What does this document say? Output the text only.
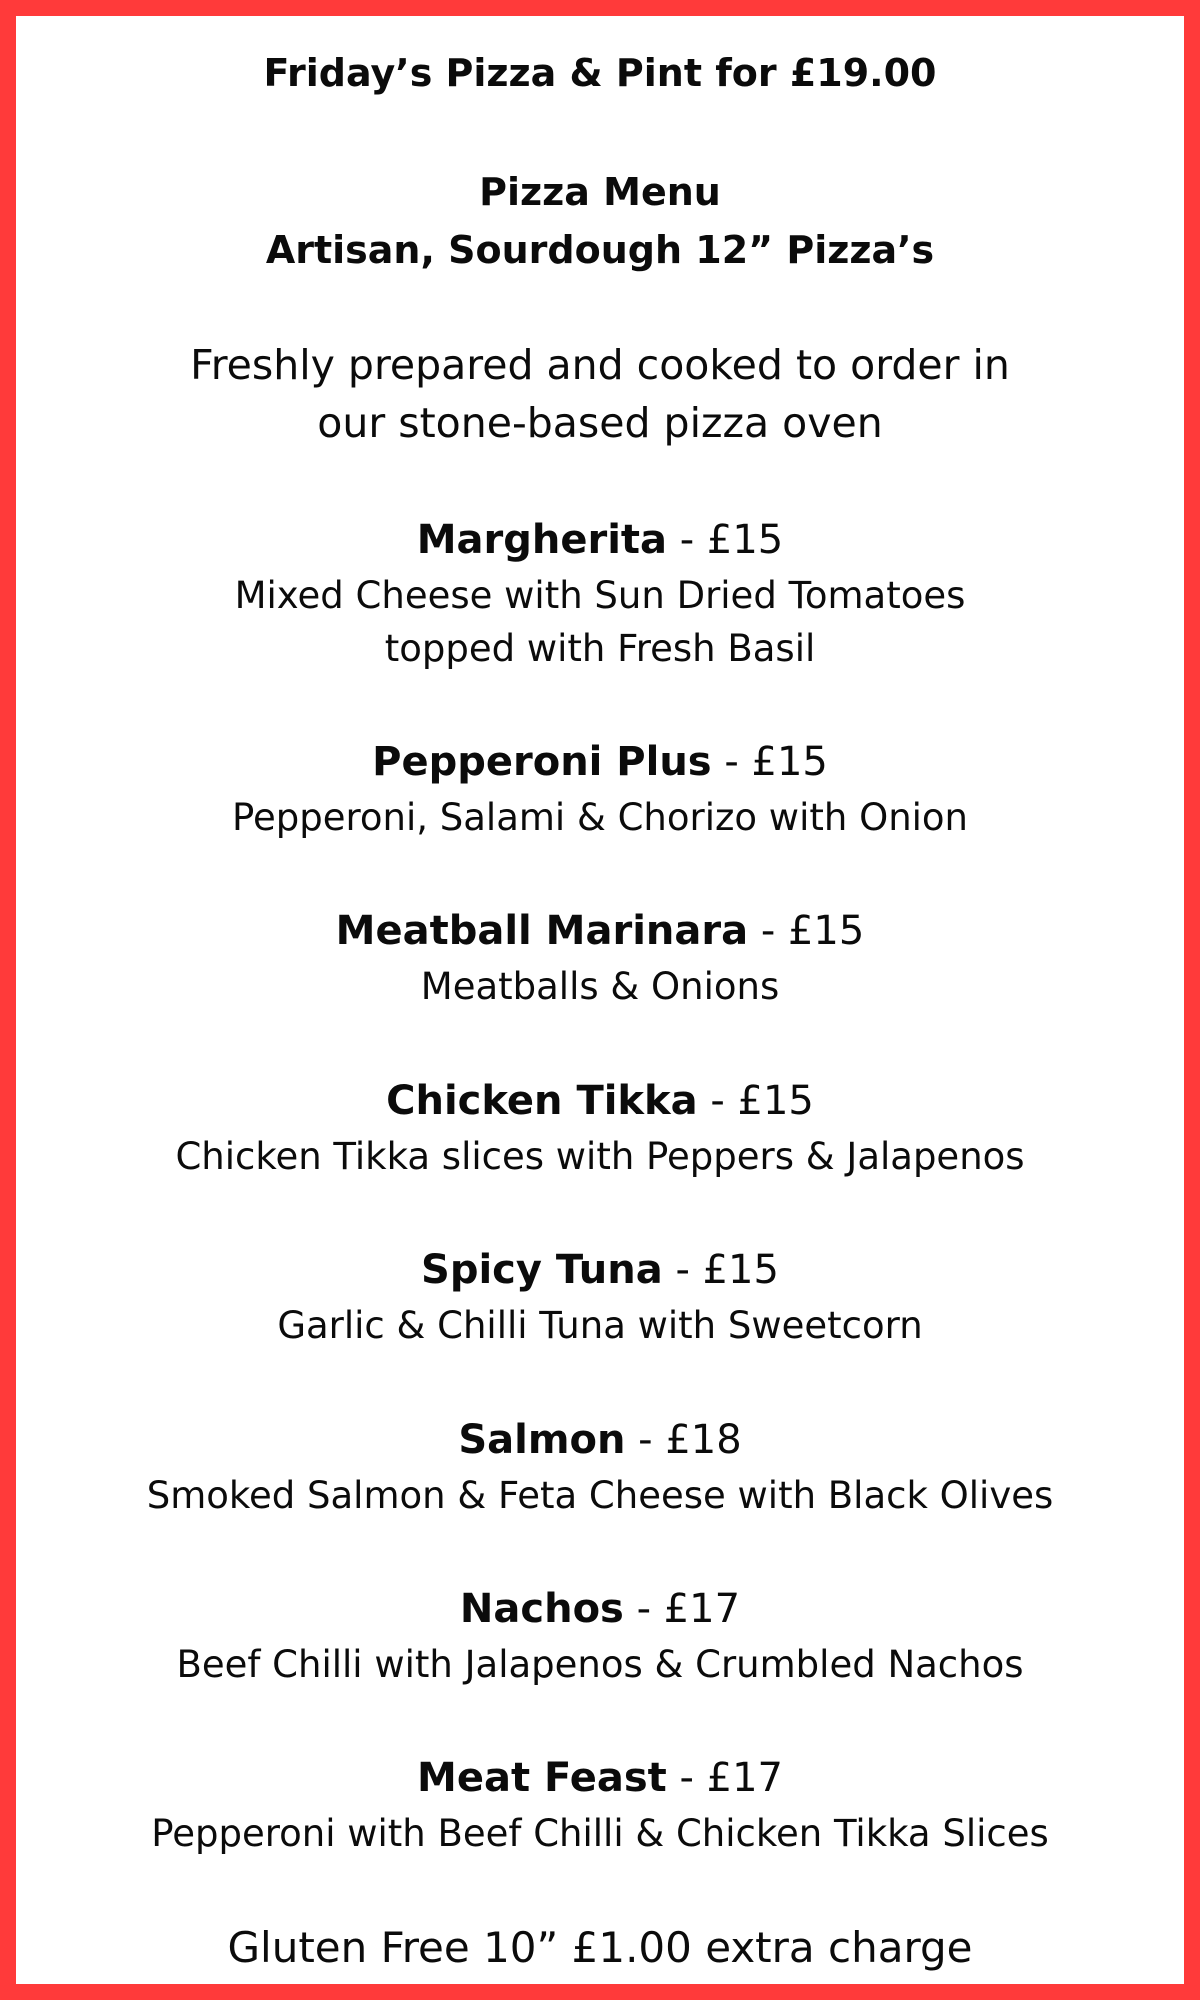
Friday’s Pizza & Pint for £19.00

Pizza Menu

Artisan, Sourdough 12” Pizza’s

Freshly prepared and cooked to order in

our stone-based pizza oven

Margherita - £15

Mixed Cheese with Sun Dried Tomatoes

topped with Fresh Basil

Pepperoni Plus - £15

Pepperoni, Salami & Chorizo with Onion

Meatball Marinara - £15

Meatballs & Onions

Chicken Tikka - £15

Chicken Tikka slices with Peppers & Jalapenos

Spicy Tuna - £15

Garlic & Chilli Tuna with Sweetcorn

Salmon - £18

Smoked Salmon & Feta Cheese with Black Olives

Nachos - £17

Beef Chilli with Jalapenos & Crumbled Nachos

Meat Feast - £17

Pepperoni with Beef Chilli & Chicken Tikka Slices

Gluten Free 10” £1.00 extra charge
